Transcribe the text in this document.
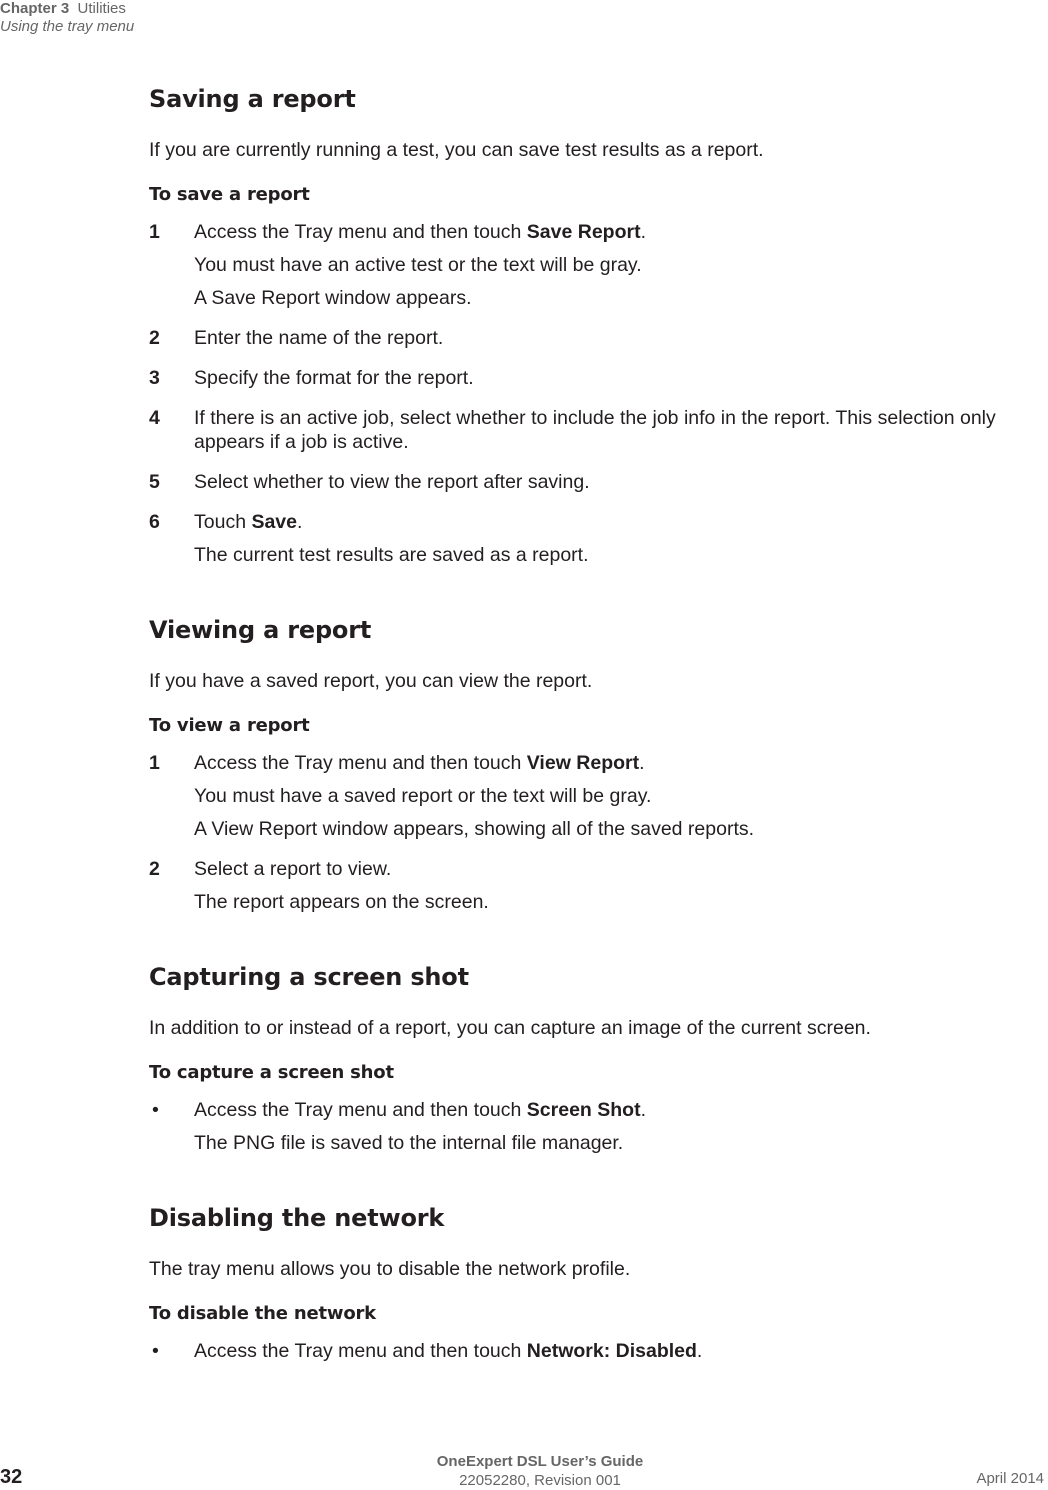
Chapter 3 Utilities
Using the tray menu
Saving a report

If you are currently running a test, you can save test results as a report.

To save a report
1	Access the Tray menu and then touch Save Report.
You must have an active test or the text will be gray.
A Save Report window appears.
2	Enter the name of the report.
3	Specify the format for the report.
4	If there is an active job, select whether to include the job info in the report. This selection only appears if a job is active.
5	Select whether to view the report after saving.
6	Touch Save.
The current test results are saved as a report.
Viewing a report

If you have a saved report, you can view the report.

To view a report
1	Access the Tray menu and then touch View Report.
You must have a saved report or the text will be gray.
A View Report window appears, showing all of the saved reports.
2	Select a report to view.
The report appears on the screen.
Capturing a screen shot

In addition to or instead of a report, you can capture an image of the current screen.

To capture a screen shot
•	Access the Tray menu and then touch Screen Shot.
The PNG file is saved to the internal file manager.
Disabling the network

The tray menu allows you to disable the network profile.

To disable the network
•	Access the Tray menu and then touch Network: Disabled.
32
OneExpert DSL User’s Guide
22052280, Revision 001	April 2014
